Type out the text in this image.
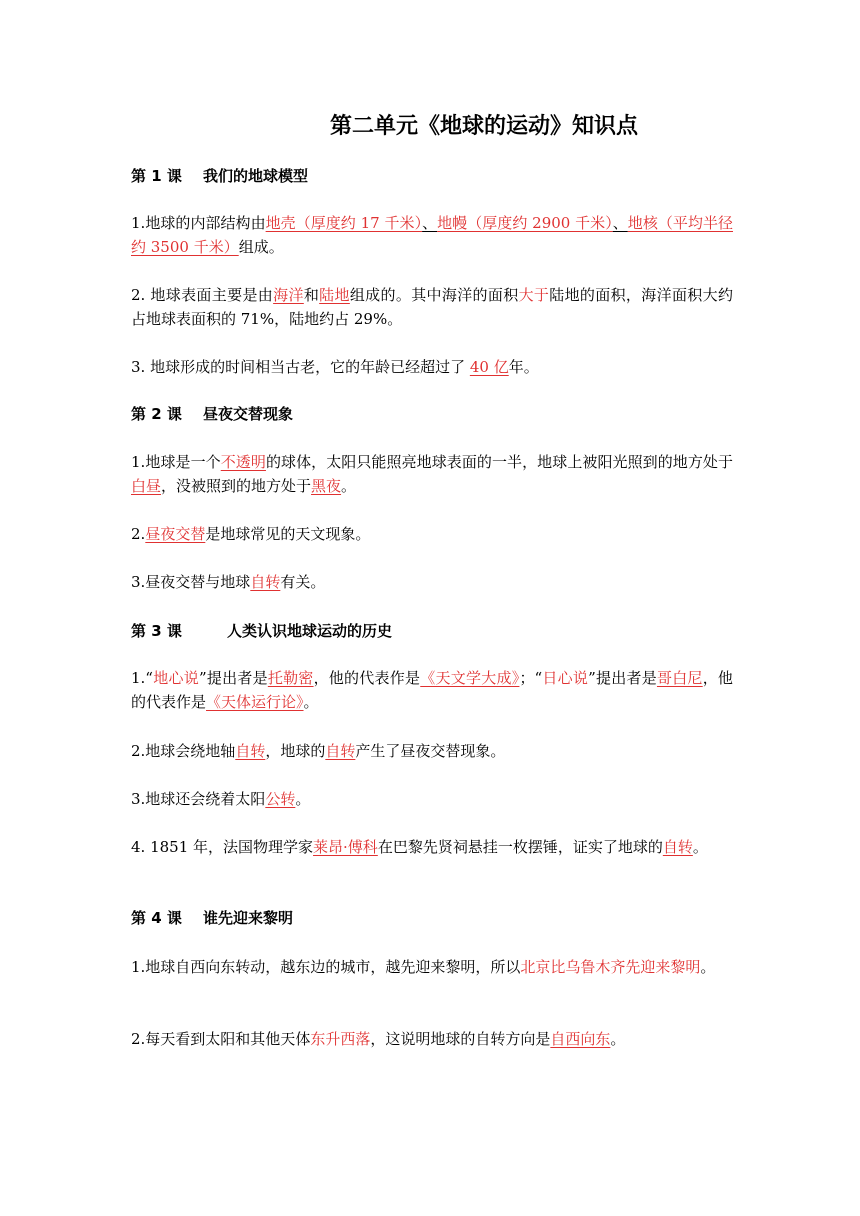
第二单元《地球的运动》知识点
第 1 课 我们的地球模型

1.地球的内部结构由地壳（厚度约 17 千米）、地幔（厚度约 2900 千米）、地核（平均半径约 3500 千米）组成。

2. 地球表面主要是由海洋和陆地组成的。其中海洋的面积大于陆地的面积，海洋面积大约占地球表面积的 71%，陆地约占 29%。

3. 地球形成的时间相当古老，它的年龄已经超过了 40 亿年。

第 2 课 昼夜交替现象

1.地球是一个不透明的球体，太阳只能照亮地球表面的一半，地球上被阳光照到的地方处于白昼，没被照到的地方处于黑夜。

2.昼夜交替是地球常见的天文现象。

3.昼夜交替与地球自转有关。

第 3 课	人类认识地球运动的历史

1.“地心说”提出者是托勒密，他的代表作是《天文学大成》；“日心说”提出者是哥白尼，他的代表作是《天体运行论》。

2.地球会绕地轴自转，地球的自转产生了昼夜交替现象。

3.地球还会绕着太阳公转。

4. 1851 年，法国物理学家莱昂·傅科在巴黎先贤祠悬挂一枚摆锤，证实了地球的自转。

第 4 课 谁先迎来黎明

1.地球自西向东转动，越东边的城市，越先迎来黎明，所以北京比乌鲁木齐先迎来黎明。

2.每天看到太阳和其他天体东升西落，这说明地球的自转方向是自西向东。
